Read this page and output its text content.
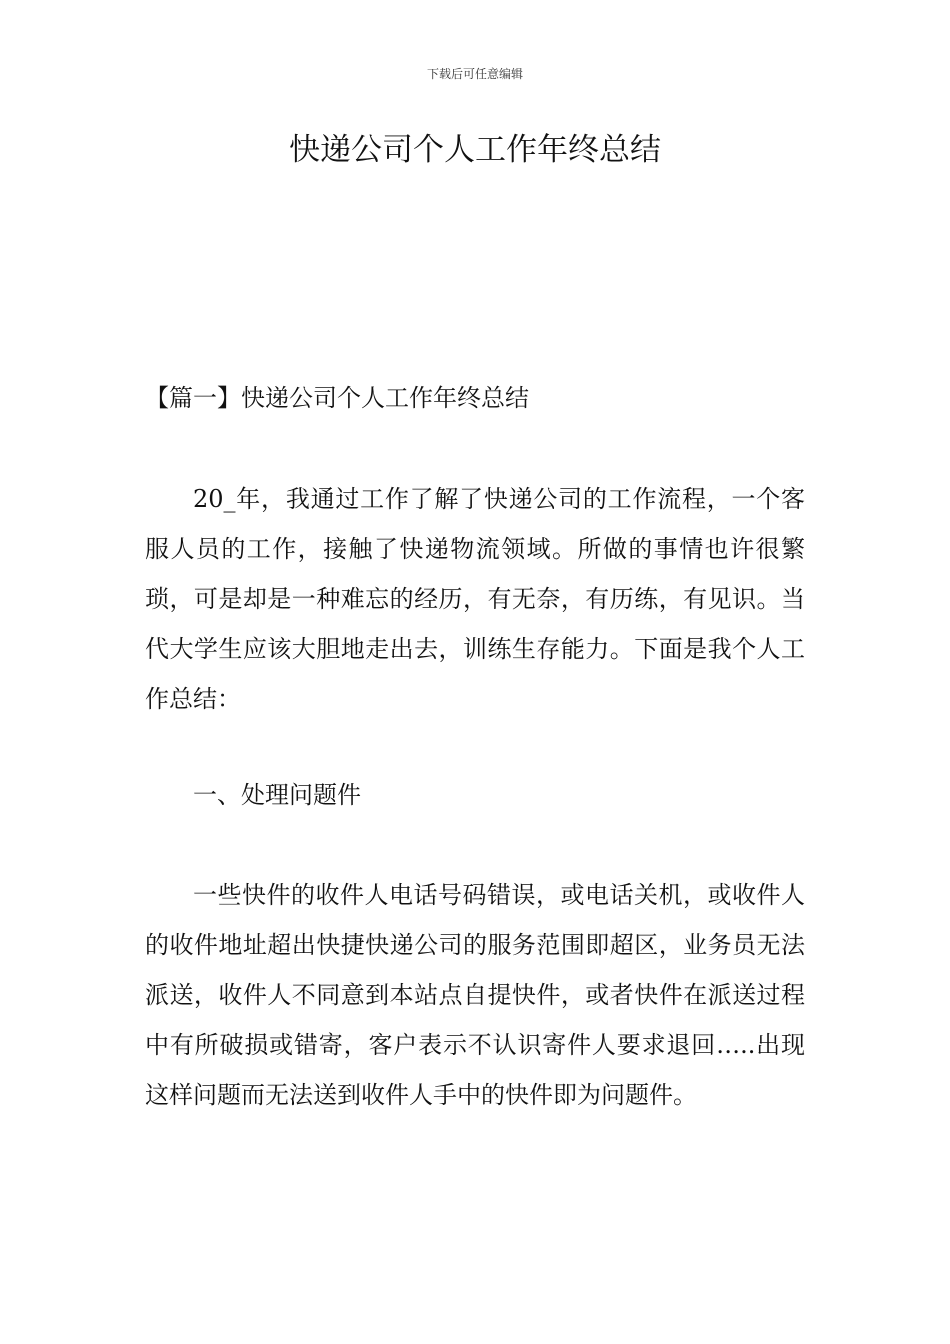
下载后可任意编辑
快递公司个人工作年终总结

【篇一】快递公司个人工作年终总结

20_年，我通过工作了解了快递公司的工作流程，一个客服人员的工作，接触了快递物流领域。所做的事情也许很繁琐，可是却是一种难忘的经历，有无奈，有历练，有见识。当代大学生应该大胆地走出去，训练生存能力。下面是我个人工作总结：

一、处理问题件

一些快件的收件人电话号码错误，或电话关机，或收件人的收件地址超出快捷快递公司的服务范围即超区，业务员无法派送，收件人不同意到本站点自提快件，或者快件在派送过程中有所破损或错寄，客户表示不认识寄件人要求退回…..出现这样问题而无法送到收件人手中的快件即为问题件。
